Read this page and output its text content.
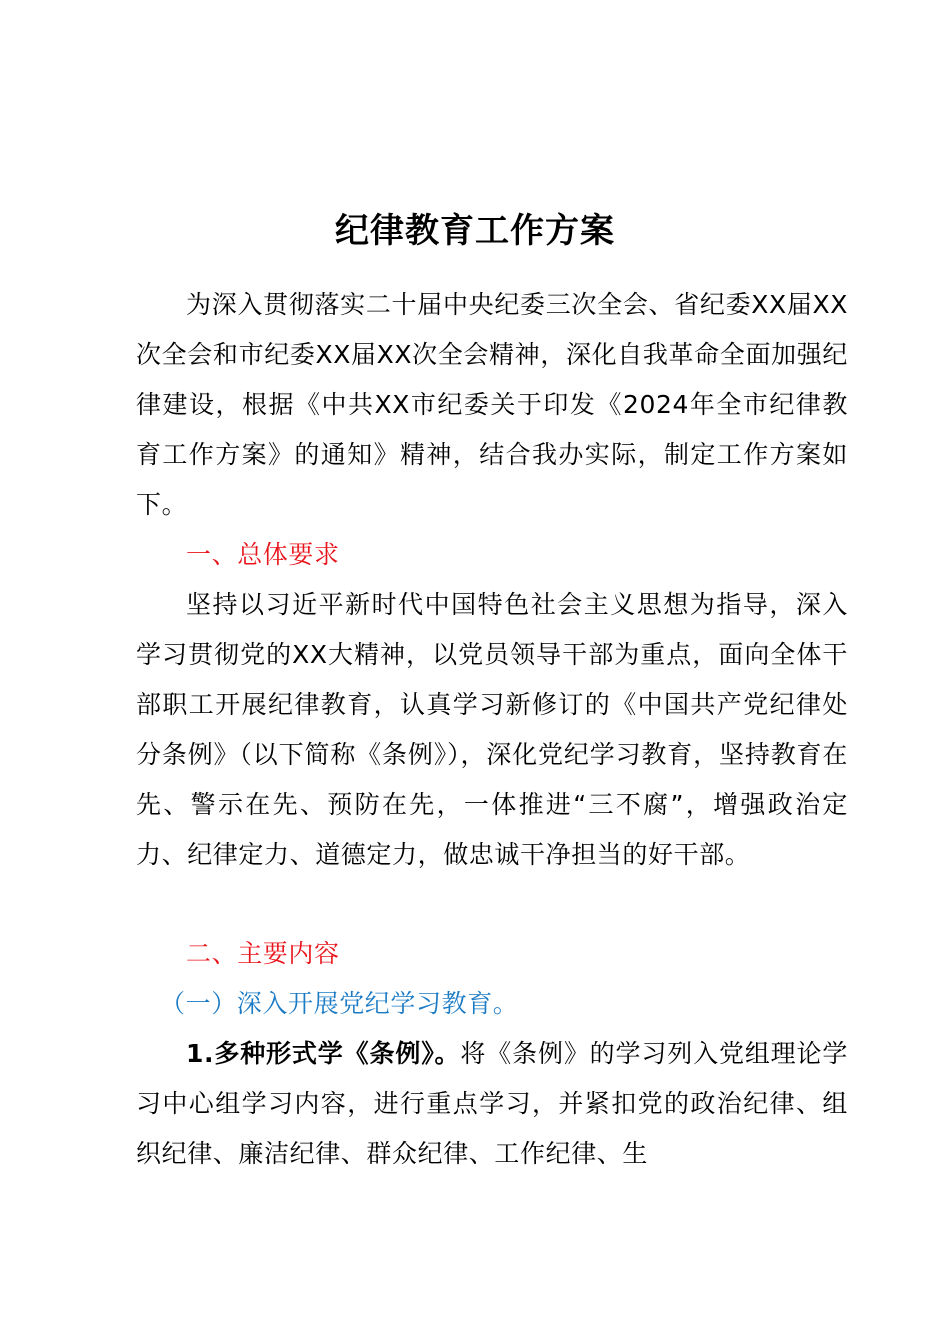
纪律教育工作方案

为深入贯彻落实二十届中央纪委三次全会、省纪委XX届XX次全会和市纪委XX届XX次全会精神，深化自我革命全面加强纪律建设，根据《中共XX市纪委关于印发《2024年全市纪律教育工作方案》的通知》精神，结合我办实际，制定工作方案如下。

一、总体要求

坚持以习近平新时代中国特色社会主义思想为指导，深入学习贯彻党的XX大精神，以党员领导干部为重点，面向全体干部职工开展纪律教育，认真学习新修订的《中国共产党纪律处分条例》（以下简称《条例》），深化党纪学习教育，坚持教育在先、警示在先、预防在先，一体推进“三不腐”，增强政治定力、纪律定力、道德定力，做忠诚干净担当的好干部。

二、主要内容
（一）深入开展党纪学习教育。

1.多种形式学《条例》。将《条例》的学习列入党组理论学习中心组学习内容，进行重点学习，并紧扣党的政治纪律、组织纪律、廉洁纪律、群众纪律、工作纪律、生
